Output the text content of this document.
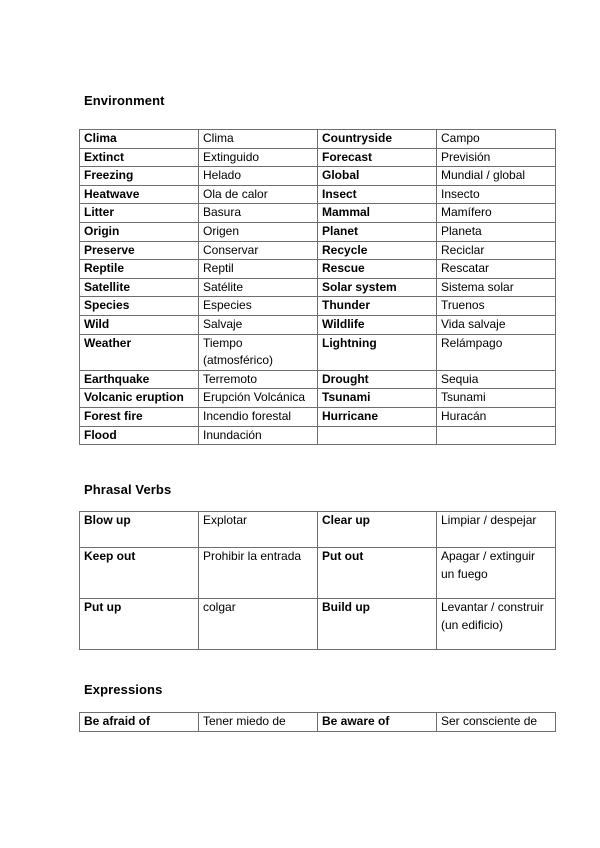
Environment
Clima	Clima	Countryside	Campo
Extinct	Extinguido	Forecast	Previsión
Freezing	Helado	Global	Mundial / global
Heatwave	Ola de calor	Insect	Insecto
Litter	Basura	Mammal	Mamífero
Origin	Origen	Planet	Planeta
Preserve	Conservar	Recycle	Reciclar
Reptile	Reptil	Rescue	Rescatar
Satellite	Satélite	Solar system	Sistema solar
Species	Especies	Thunder	Truenos
Wild	Salvaje	Wildlife	Vida salvaje
Weather	Tiempo (atmosférico)	Lightning	Relámpago
Earthquake	Terremoto	Drought	Sequia
Volcanic eruption	Erupción Volcánica	Tsunami	Tsunami
Forest fire	Incendio forestal	Hurricane	Huracán
Flood	Inundación		
Phrasal Verbs
Blow up	Explotar	Clear up	Limpiar / despejar
Keep out	Prohibir la entrada	Put out	Apagar / extinguir un fuego
Put up	colgar	Build up	Levantar / construir (un edificio)
Expressions
Be afraid of	Tener miedo de	Be aware of	Ser consciente de
